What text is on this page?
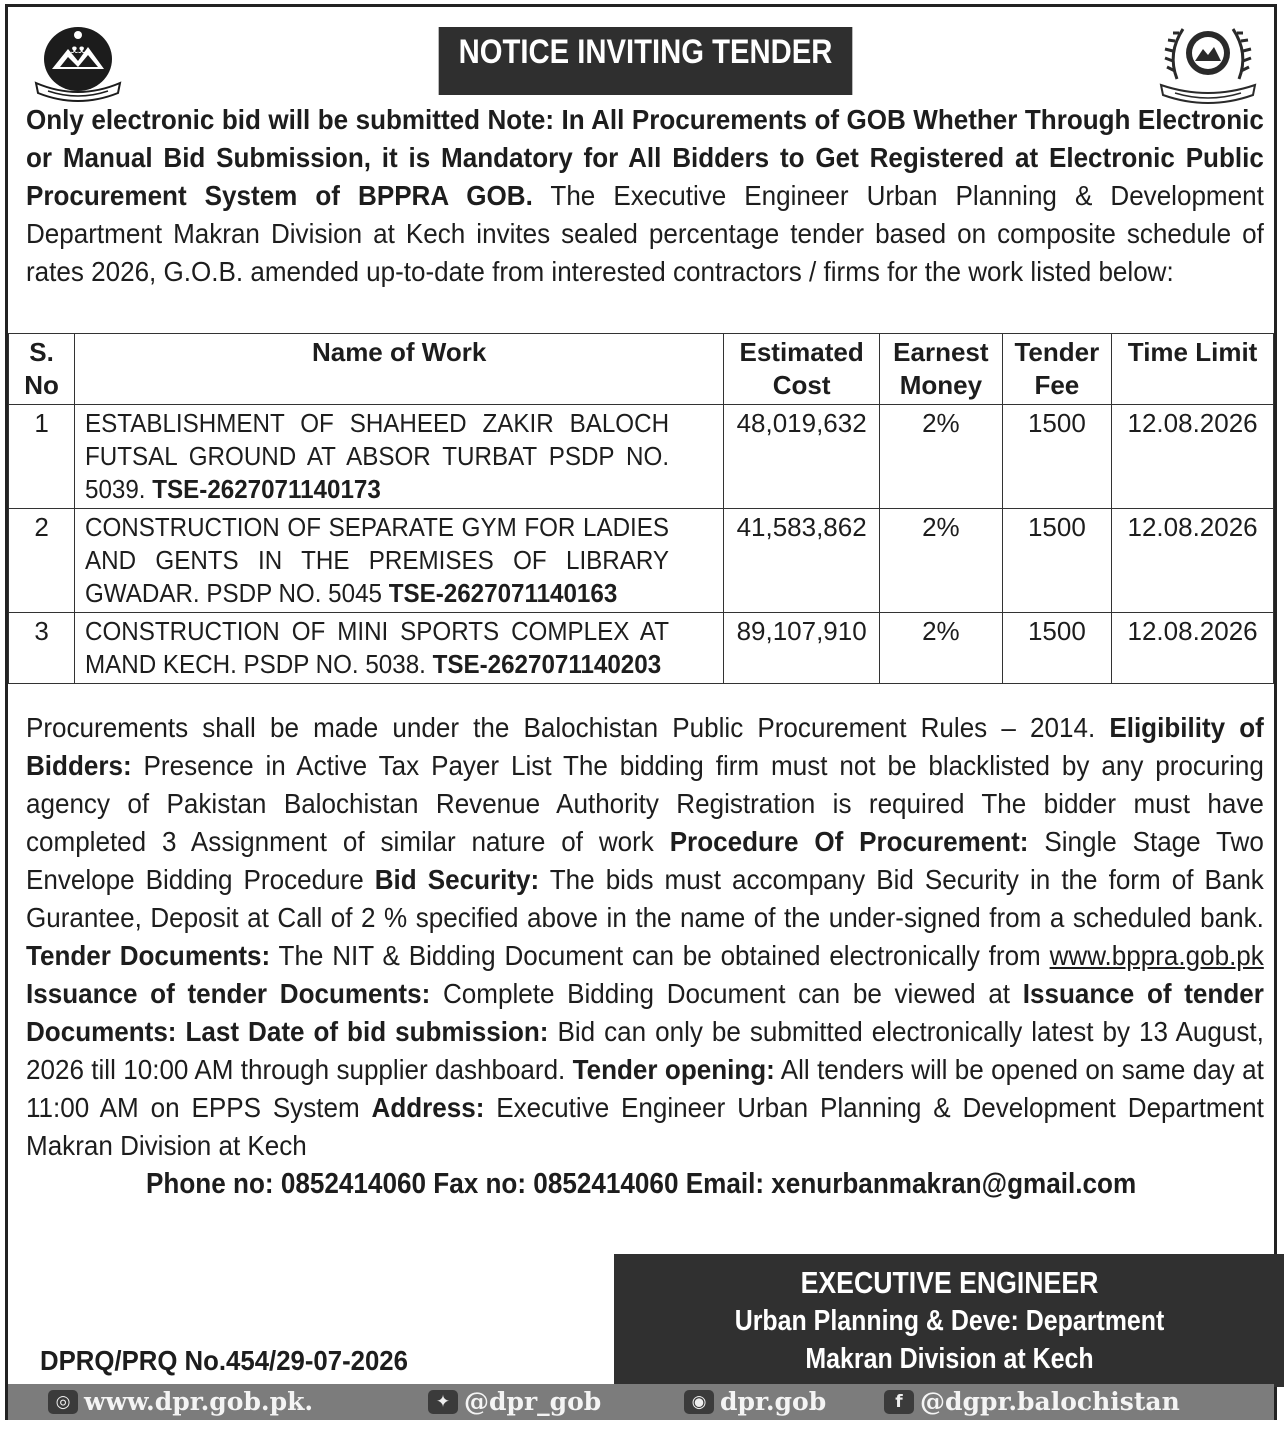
ᴥᴥ	NOTICE INVITING TENDER
Only electronic bid will be submitted Note: In All Procurements of GOB Whether Through Electronic or Manual Bid Submission, it is Mandatory for All Bidders to Get Registered at Electronic Public Procurement System of BPPRA GOB. The Executive Engineer Urban Planning & Development Department Makran Division at Kech invites sealed percentage tender based on composite schedule of rates 2026, G.O.B. amended up-to-date from interested contractors / firms for the work listed below:
S. No	Name of Work	Estimated Cost	Earnest Money	Tender Fee	Time Limit
1	ESTABLISHMENT OF SHAHEED ZAKIR BALOCH FUTSAL GROUND AT ABSOR TURBAT PSDP NO. 5039. TSE-2627071140173	48,019,632	2%	1500	12.08.2026
2	CONSTRUCTION OF SEPARATE GYM FOR LADIES AND GENTS IN THE PREMISES OF LIBRARY GWADAR. PSDP NO. 5045 TSE-2627071140163	41,583,862	2%	1500	12.08.2026
3	CONSTRUCTION OF MINI SPORTS COMPLEX AT MAND KECH. PSDP NO. 5038. TSE-2627071140203	89,107,910	2%	1500	12.08.2026
Procurements shall be made under the Balochistan Public Procurement Rules – 2014. Eligibility of Bidders: Presence in Active Tax Payer List The bidding firm must not be blacklisted by any procuring agency of Pakistan Balochistan Revenue Authority Registration is required The bidder must have completed 3 Assignment of similar nature of work Procedure Of Procurement: Single Stage Two Envelope Bidding Procedure Bid Security: The bids must accompany Bid Security in the form of Bank Gurantee, Deposit at Call of 2 % specified above in the name of the under-signed from a scheduled bank. Tender Documents: The NIT & Bidding Document can be obtained electronically from www.bppra.gob.pk Issuance of tender Documents: Complete Bidding Document can be viewed at Issuance of tender Documents: Last Date of bid submission: Bid can only be submitted electronically latest by 13 August, 2026 till 10:00 AM through supplier dashboard. Tender opening: All tenders will be opened on same day at 11:00 AM on EPPS System Address: Executive Engineer Urban Planning & Development Department Makran Division at Kech
Phone no: 0852414060 Fax no: 0852414060 Email: xenurbanmakran@gmail.com
EXECUTIVE ENGINEER
Urban Planning & Deve: Department
Makran Division at Kech
DPRQ/PRQ No.454/29-07-2026
◎ www.dpr.gob.pk.	✦ @dpr_gob	◉ dpr.gob	f @dgpr.balochistan
